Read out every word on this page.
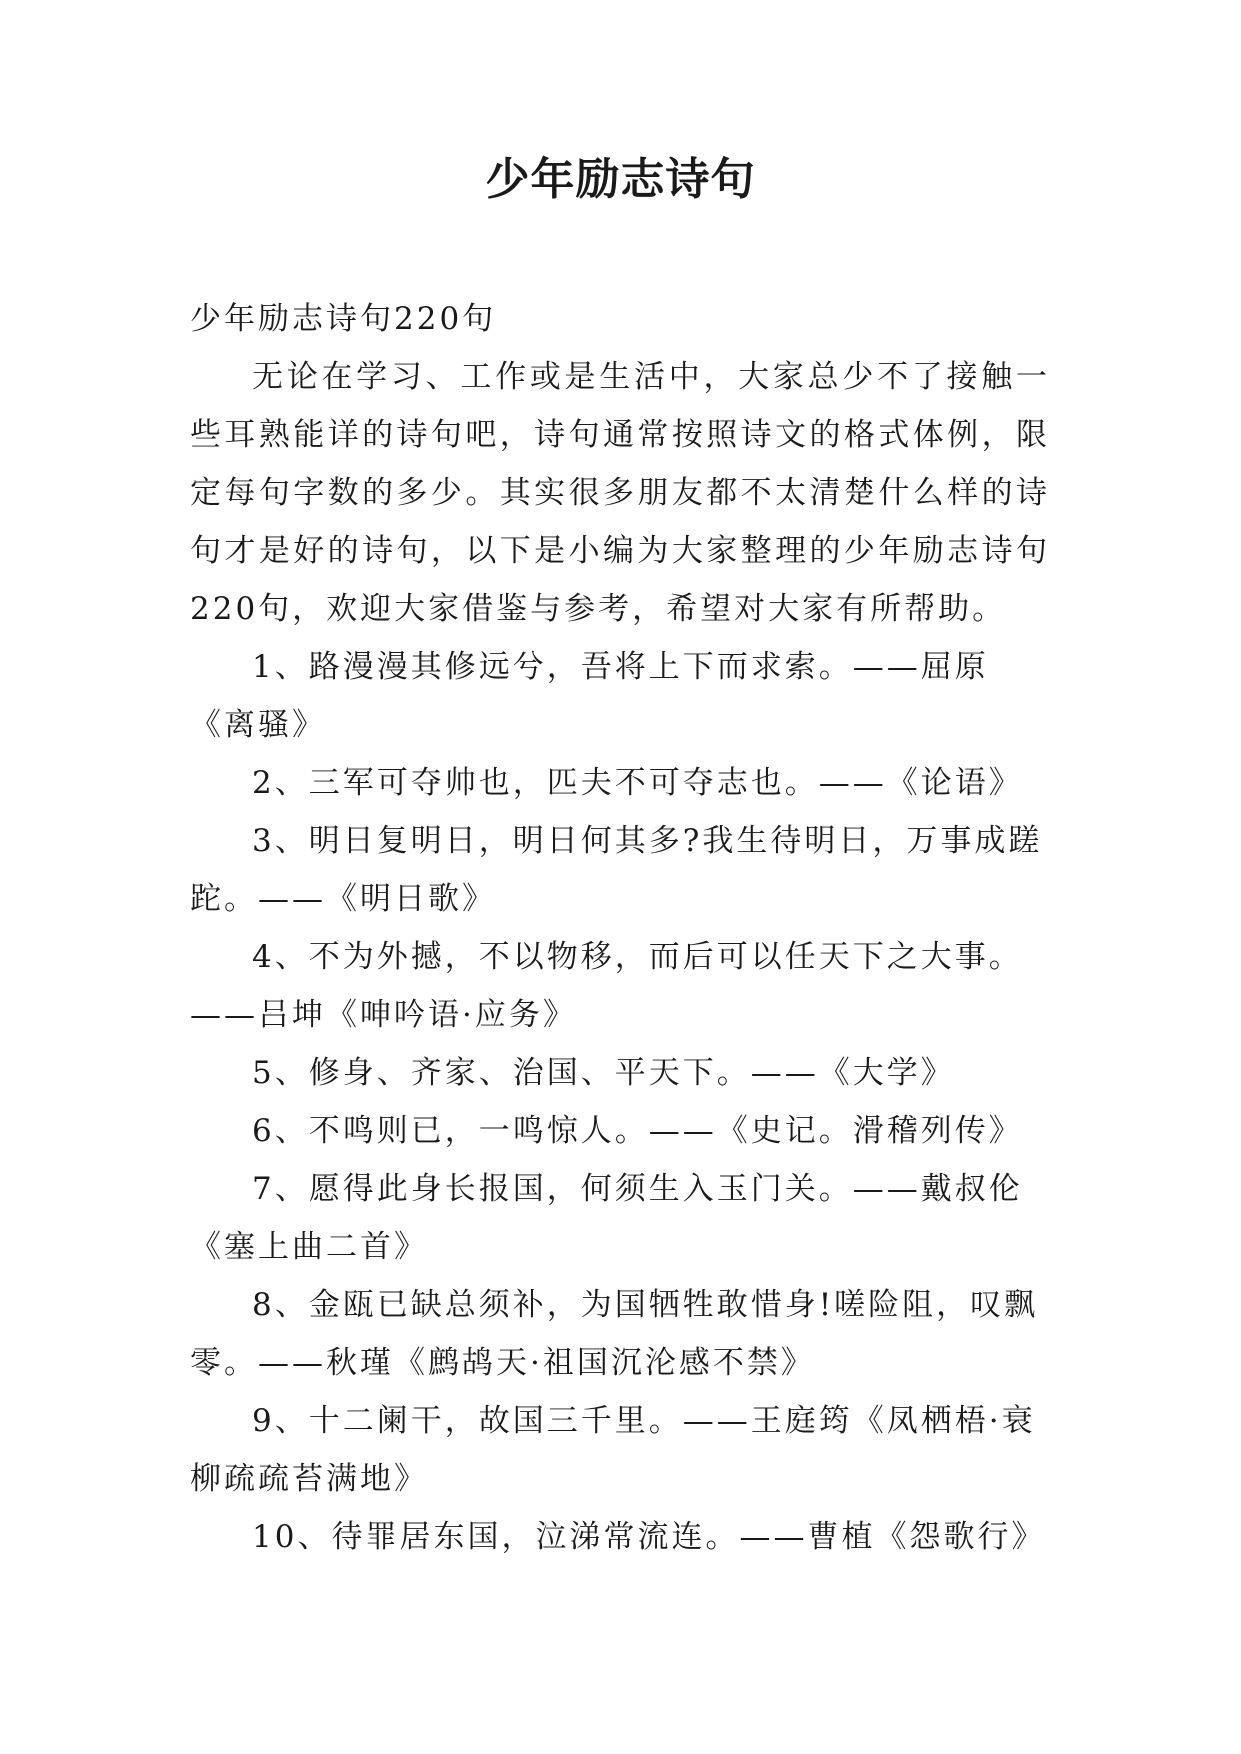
少年励志诗句

少年励志诗句220句

无论在学习、工作或是生活中，大家总少不了接触一些耳熟能详的诗句吧，诗句通常按照诗文的格式体例，限定每句字数的多少。其实很多朋友都不太清楚什么样的诗句才是好的诗句，以下是小编为大家整理的少年励志诗句220句，欢迎大家借鉴与参考，希望对大家有所帮助。

1、路漫漫其修远兮，吾将上下而求索。——屈原《离骚》
2、三军可夺帅也，匹夫不可夺志也。——《论语》
3、明日复明日，明日何其多?我生待明日，万事成蹉跎。——《明日歌》
4、不为外撼，不以物移，而后可以任天下之大事。——吕坤《呻吟语·应务》
5、修身、齐家、治国、平天下。——《大学》
6、不鸣则已，一鸣惊人。——《史记。滑稽列传》
7、愿得此身长报国，何须生入玉门关。——戴叔伦《塞上曲二首》
8、金瓯已缺总须补，为国牺牲敢惜身!嗟险阻，叹飘零。——秋瑾《鹧鸪天·祖国沉沦感不禁》
9、十二阑干，故国三千里。——王庭筠《凤栖梧·衰柳疏疏苔满地》
10、待罪居东国，泣涕常流连。——曹植《怨歌行》
